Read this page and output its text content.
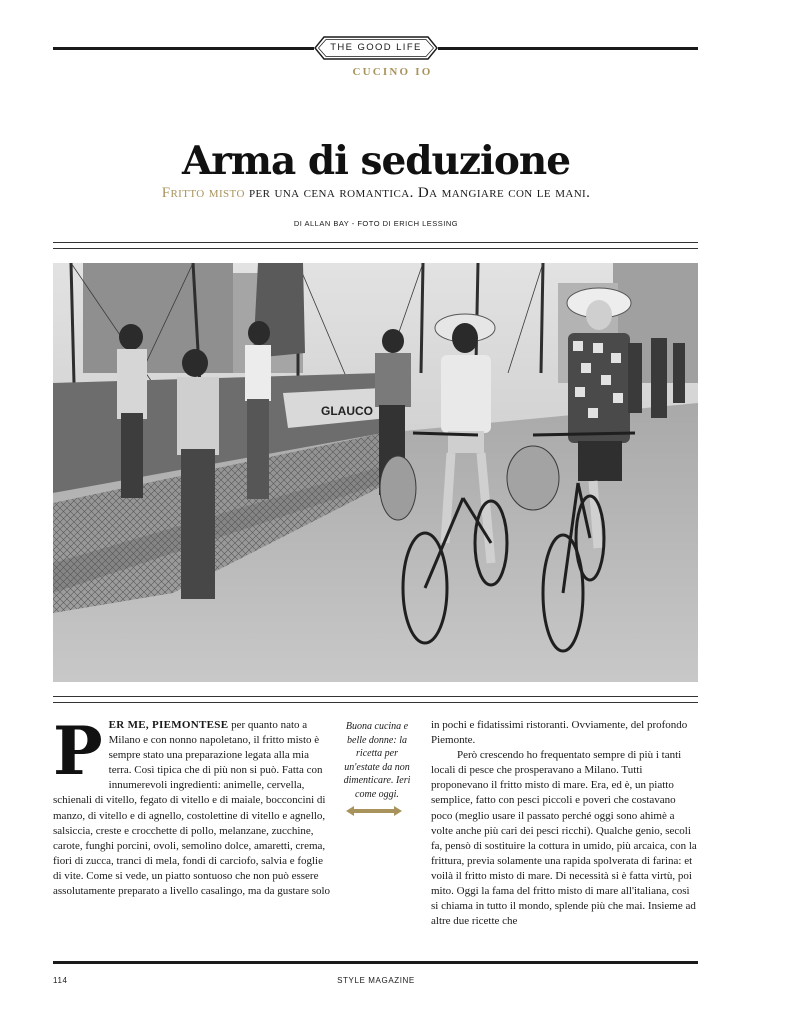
THE GOOD LIFE
CUCINO IO
Arma di seduzione
Fritto misto per una cena romantica. Da mangiare con le mani.
DI ALLAN BAY - FOTO DI ERICH LESSING
GLAUCO
P ER ME, PIEMONTESE per quanto nato a Milano e con nonno napoletano, il fritto misto è sempre stato una preparazione legata alla mia terra. Così tipica che di più non si può. Fatta con innumerevoli ingredienti: animelle, cervella, schienali di vitello, fegato di vitello e di maiale, bocconcini di manzo, di vitello e di agnello, costolettine di vitello e agnello, salsiccia, creste e crocchette di pollo, melanzane, zucchine, carote, funghi porcini, ovoli, semolino dolce, amaretti, crema, fiori di zucca, tranci di mela, fondi di carciofo, salvia e foglie di vite. Come si vede, un piatto sontuoso che non può essere assolutamente preparato a livello casalingo, ma da gustare solo

Buona cucina e belle donne: la ricetta per un'estate da non dimenticare. Ieri come oggi.

in pochi e fidatissimi ristoranti. Ovviamente, del profondo Piemonte.

Però crescendo ho frequentato sempre di più i tanti locali di pesce che prosperavano a Milano. Tutti proponevano il fritto misto di mare. Era, ed è, un piatto semplice, fatto con pesci piccoli e poveri che costavano poco (meglio usare il passato perché oggi sono ahimè a volte anche più cari dei pesci ricchi). Qualche genio, secoli fa, pensò di sostituire la cottura in umido, più arcaica, con la frittura, previa solamente una rapida spolverata di farina: et voilà il fritto misto di mare. Di necessità si è fatta virtù, poi mito. Oggi la fama del fritto misto di mare all'italiana, così si chiama in tutto il mondo, splende più che mai. Insieme ad altre due ricette che

114	STYLE MAGAZINE
